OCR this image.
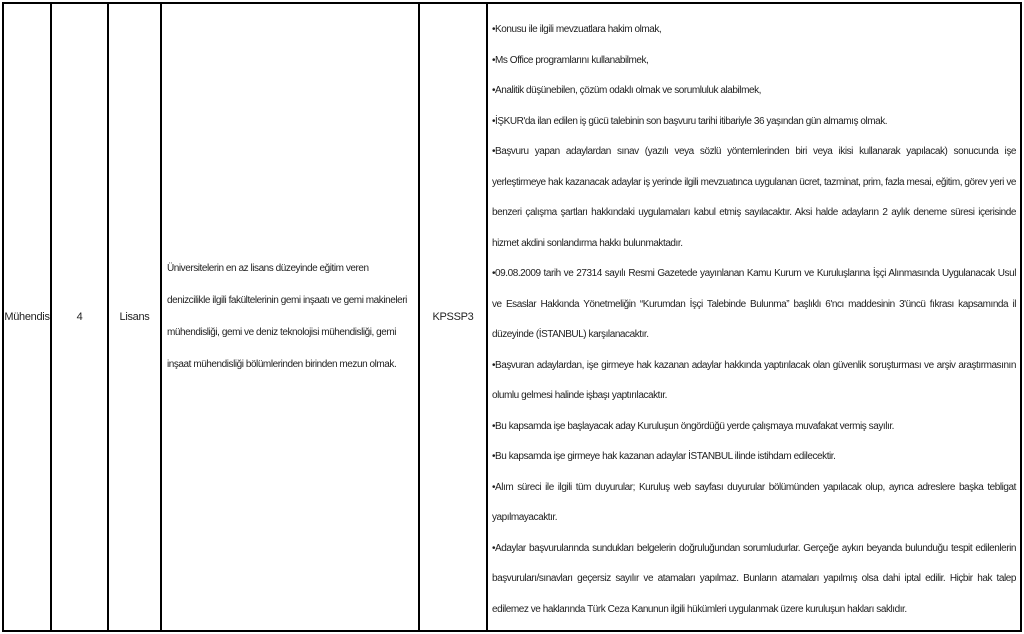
Mühendis 4	Lisans

Üniversitelerin en az lisans düzeyinde eğitim veren denizcilikle ilgili fakültelerinin gemi inşaatı ve gemi makineleri mühendisliği, gemi ve deniz teknolojisi mühendisliği, gemi inşaat mühendisliği bölümlerinden birinden mezun olmak.

KPSSP3

•Konusu ile ilgili mevzuatlara hakim olmak,

•Ms Office programlarını kullanabilmek,

•Analitik düşünebilen, çözüm odaklı olmak ve sorumluluk alabilmek,

•İŞKUR'da ilan edilen iş gücü talebinin son başvuru tarihi itibariyle 36 yaşından gün almamış olmak.

•Başvuru yapan adaylardan sınav (yazılı veya sözlü yöntemlerinden biri veya ikisi kullanarak yapılacak) sonucunda işe yerleştirmeye hak kazanacak adaylar iş yerinde ilgili mevzuatınca uygulanan ücret, tazminat, prim, fazla mesai, eğitim, görev yeri ve benzeri çalışma şartları hakkındaki uygulamaları kabul etmiş sayılacaktır. Aksi halde adayların 2 aylık deneme süresi içerisinde hizmet akdini sonlandırma hakkı bulunmaktadır.

•09.08.2009 tarih ve 27314 sayılı Resmi Gazetede yayınlanan Kamu Kurum ve Kuruluşlarına İşçi Alınmasında Uygulanacak Usul ve Esaslar Hakkında Yönetmeliğin “Kurumdan İşçi Talebinde Bulunma” başlıklı 6'ncı maddesinin 3'üncü fıkrası kapsamında il düzeyinde (İSTANBUL) karşılanacaktır.

•Başvuran adaylardan, işe girmeye hak kazanan adaylar hakkında yaptırılacak olan güvenlik soruşturması ve arşiv araştırmasının olumlu gelmesi halinde işbaşı yaptırılacaktır.

•Bu kapsamda işe başlayacak aday Kuruluşun öngördüğü yerde çalışmaya muvafakat vermiş sayılır.

•Bu kapsamda işe girmeye hak kazanan adaylar İSTANBUL ilinde istihdam edilecektir.

•Alım süreci ile ilgili tüm duyurular; Kuruluş web sayfası duyurular bölümünden yapılacak olup, ayrıca adreslere başka tebligat yapılmayacaktır.

•Adaylar başvurularında sundukları belgelerin doğruluğundan sorumludurlar. Gerçeğe aykırı beyanda bulunduğu tespit edilenlerin başvuruları/sınavları geçersiz sayılır ve atamaları yapılmaz. Bunların atamaları yapılmış olsa dahi iptal edilir. Hiçbir hak talep edilemez ve haklarında Türk Ceza Kanunun ilgili hükümleri uygulanmak üzere kuruluşun hakları saklıdır.
